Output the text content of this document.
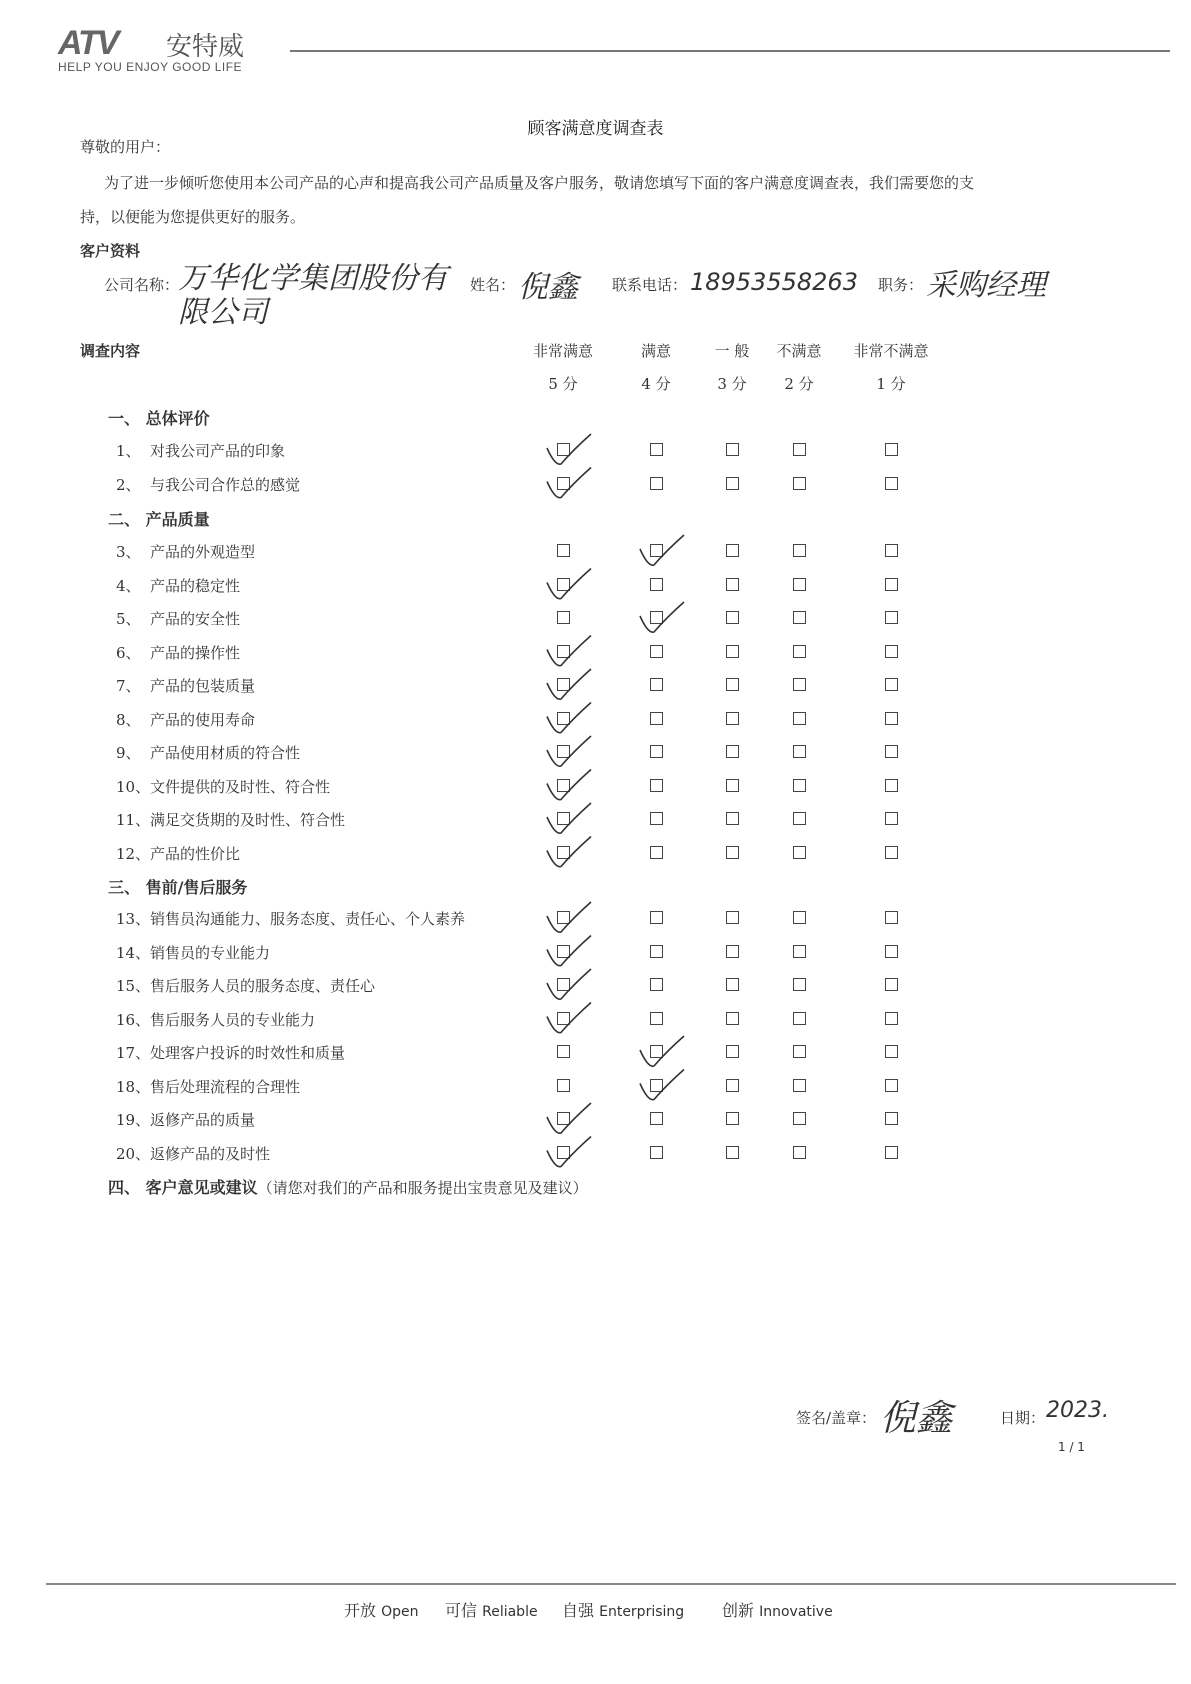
ATV 安特威
HELP YOU ENJOY GOOD LIFE
顾客满意度调查表
尊敬的用户：
为了进一步倾听您使用本公司产品的心声和提高我公司产品质量及客户服务，敬请您填写下面的客户满意度调查表，我们需要您的支
持，以便能为您提供更好的服务。
客户资料
公司名称：
万华化学集团股份有限公司
姓名： 倪鑫 联系电话： 18953558263 职务： 采购经理
调查内容	非常满意
5 分
满意
4 分
一 般
3 分
不满意
2 分
非常不满意
1 分
一、 总体评价
1、 对我公司产品的印象
2、 与我公司合作总的感觉
二、 产品质量
3、 产品的外观造型
4、 产品的稳定性
5、 产品的安全性
6、 产品的操作性
7、 产品的包装质量
8、 产品的使用寿命
9、 产品使用材质的符合性
10、文件提供的及时性、符合性
11、满足交货期的及时性、符合性
12、产品的性价比
三、 售前/售后服务
13、销售员沟通能力、服务态度、责任心、个人素养
14、销售员的专业能力
15、售后服务人员的服务态度、责任心
16、售后服务人员的专业能力
17、处理客户投诉的时效性和质量
18、售后处理流程的合理性
19、返修产品的质量
20、返修产品的及时性
四、 客户意见或建议（请您对我们的产品和服务提出宝贵意见及建议）
签名/盖章： 倪鑫	日期： 2023.
1 / 1
开放 Open 可信 Reliable 自强 Enterprising 创新 Innovative
